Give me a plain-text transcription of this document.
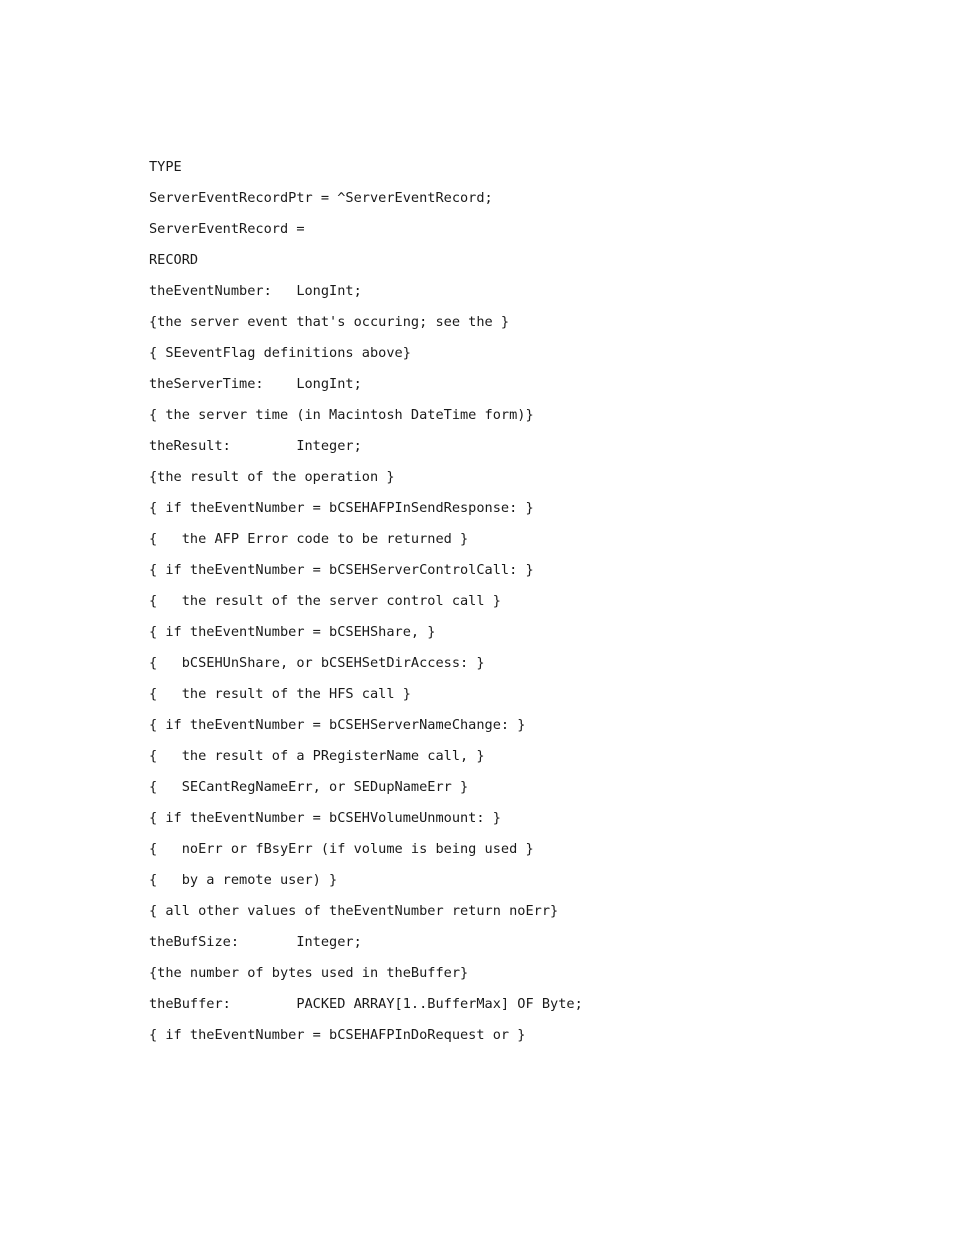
TYPE
ServerEventRecordPtr = ^ServerEventRecord;
ServerEventRecord =
RECORD
theEventNumber:   LongInt;
{the server event that's occuring; see the }
{ SEeventFlag definitions above}
theServerTime:    LongInt;
{ the server time (in Macintosh DateTime form)}
theResult:        Integer;
{the result of the operation }
{ if theEventNumber = bCSEHAFPInSendResponse: }
{   the AFP Error code to be returned }
{ if theEventNumber = bCSEHServerControlCall: }
{   the result of the server control call }
{ if theEventNumber = bCSEHShare, }
{   bCSEHUnShare, or bCSEHSetDirAccess: }
{   the result of the HFS call }
{ if theEventNumber = bCSEHServerNameChange: }
{   the result of a PRegisterName call, }
{   SECantRegNameErr, or SEDupNameErr }
{ if theEventNumber = bCSEHVolumeUnmount: }
{   noErr or fBsyErr (if volume is being used }
{   by a remote user) }
{ all other values of theEventNumber return noErr}
theBufSize:       Integer;
{the number of bytes used in theBuffer}
theBuffer:        PACKED ARRAY[1..BufferMax] OF Byte;
{ if theEventNumber = bCSEHAFPInDoRequest or }
